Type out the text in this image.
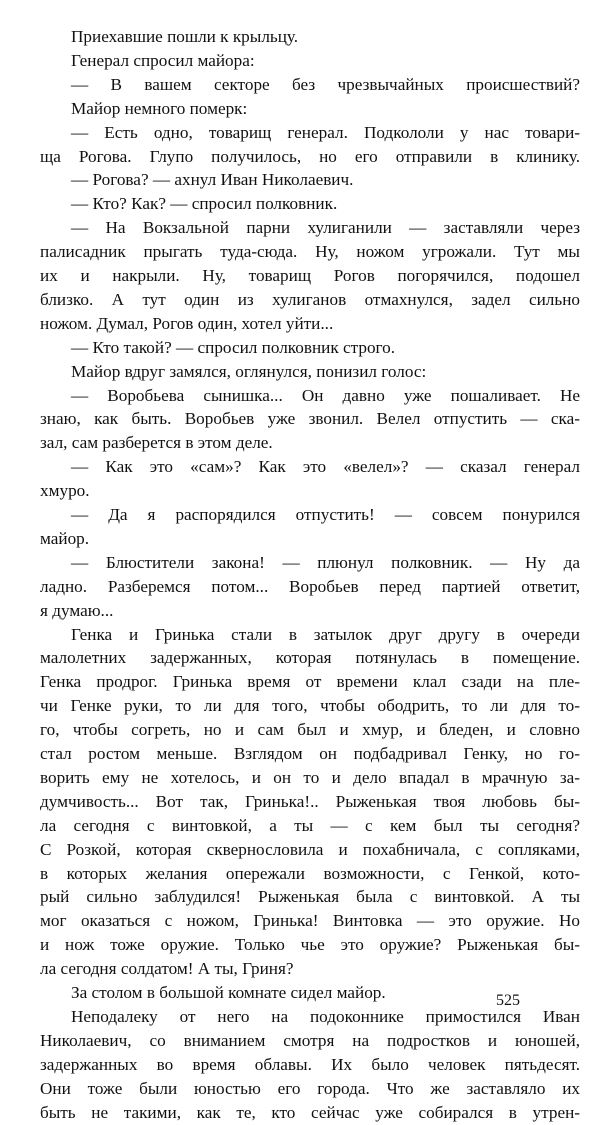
Приехавшие пошли к крыльцу.
Генерал спросил майора:
— В вашем секторе без чрезвычайных происшествий?
Майор немного померк:
— Есть одно, товарищ генерал. Подкололи у нас товари-
ща Рогова. Глупо получилось, но его отправили в клинику.
— Рогова? — ахнул Иван Николаевич.
— Кто? Как? — спросил полковник.
— На Вокзальной парни хулиганили — заставляли через
палисадник прыгать туда-сюда. Ну, ножом угрожали. Тут мы
их и накрыли. Ну, товарищ Рогов погорячился, подошел
близко. А тут один из хулиганов отмахнулся, задел сильно
ножом. Думал, Рогов один, хотел уйти...
— Кто такой? — спросил полковник строго.
Майор вдруг замялся, оглянулся, понизил голос:
— Воробьева сынишка... Он давно уже пошаливает. Не
знаю, как быть. Воробьев уже звонил. Велел отпустить — ска-
зал, сам разберется в этом деле.
— Как это «сам»? Как это «велел»? — сказал генерал
хмуро.
— Да я распорядился отпустить! — совсем понурился
майор.
— Блюстители закона! — плюнул полковник. — Ну да
ладно. Разберемся потом... Воробьев перед партией ответит,
я думаю...
Генка и Гринька стали в затылок друг другу в очереди
малолетних задержанных, которая потянулась в помещение.
Генка продрог. Гринька время от времени клал сзади на пле-
чи Генке руки, то ли для того, чтобы ободрить, то ли для то-
го, чтобы согреть, но и сам был и хмур, и бледен, и словно
стал ростом меньше. Взглядом он подбадривал Генку, но го-
ворить ему не хотелось, и он то и дело впадал в мрачную за-
думчивость... Вот так, Гринька!.. Рыженькая твоя любовь бы-
ла сегодня с винтовкой, а ты — с кем был ты сегодня?
С Розкой, которая сквернословила и похабничала, с сопляками,
в которых желания опережали возможности, с Генкой, кото-
рый сильно заблудился! Рыженькая была с винтовкой. А ты
мог оказаться с ножом, Гринька! Винтовка — это оружие. Но
и нож тоже оружие. Только чье это оружие? Рыженькая бы-
ла сегодня солдатом! А ты, Гриня?
За столом в большой комнате сидел майор.
Неподалеку от него на подоконнике примостился Иван
Николаевич, со вниманием смотря на подростков и юношей,
задержанных во время облавы. Их было человек пятьдесят.
Они тоже были юностью его города. Что же заставляло их
быть не такими, как те, кто сейчас уже собирался в утрен-
525
